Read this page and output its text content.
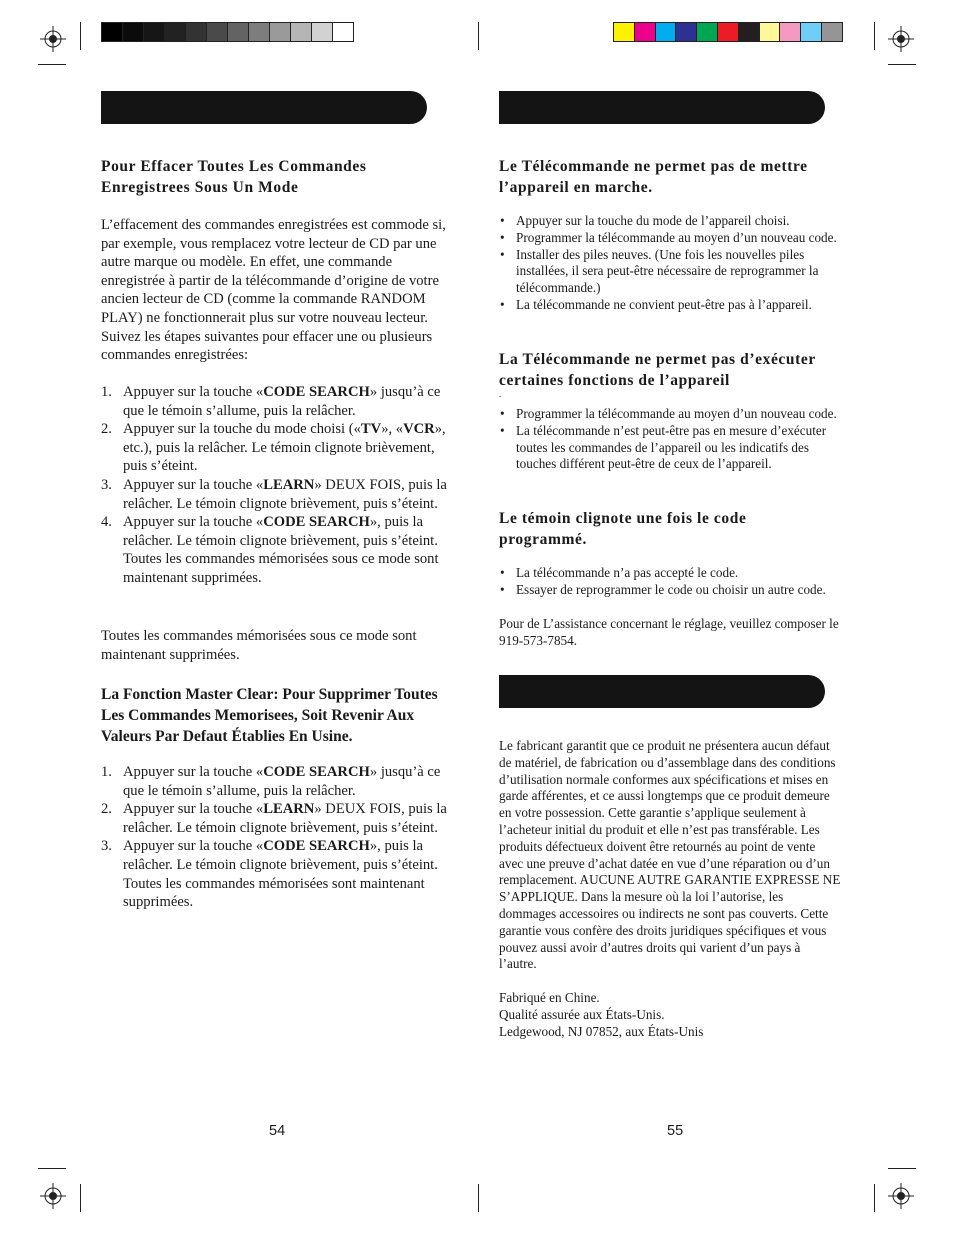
Pour Effacer Toutes Les Commandes Enregistrees Sous Un Mode

L’effacement des commandes enregistrées est commode si, par exemple, vous remplacez votre lecteur de CD par une autre marque ou modèle. En effet, une commande enregistrée à partir de la télécommande d’origine de votre ancien lecteur de CD (comme la commande RANDOM PLAY) ne fonctionnerait plus sur votre nouveau lecteur. Suivez les étapes suivantes pour effacer une ou plusieurs commandes enregistrées:

1. Appuyer sur la touche «CODE SEARCH» jusqu’à ce que le témoin s’allume, puis la relâcher.
2. Appuyer sur la touche du mode choisi («TV», «VCR», etc.), puis la relâcher. Le témoin clignote brièvement, puis s’éteint.
3. Appuyer sur la touche «LEARN» DEUX FOIS, puis la relâcher. Le témoin clignote brièvement, puis s’éteint.
4. Appuyer sur la touche «CODE SEARCH», puis la relâcher. Le témoin clignote brièvement, puis s’éteint. Toutes les commandes mémorisées sous ce mode sont maintenant supprimées.

Toutes les commandes mémorisées sous ce mode sont maintenant supprimées.

La Fonction Master Clear: Pour Supprimer Toutes Les Commandes Memorisees, Soit Revenir Aux Valeurs Par Defaut Établies En Usine.
1. Appuyer sur la touche «CODE SEARCH» jusqu’à ce que le témoin s’allume, puis la relâcher.
2. Appuyer sur la touche «LEARN» DEUX FOIS, puis la relâcher. Le témoin clignote brièvement, puis s’éteint.
3. Appuyer sur la touche «CODE SEARCH», puis la relâcher. Le témoin clignote brièvement, puis s’éteint. Toutes les commandes mémorisées sont maintenant supprimées.
54
Le Télécommande ne permet pas de mettre l’appareil en marche.
• Appuyer sur la touche du mode de l’appareil choisi.
• Programmer la télécommande au moyen d’un nouveau code.
• Installer des piles neuves. (Une fois les nouvelles piles installées, il sera peut-être nécessaire de reprogrammer la télécommande.)
• La télécommande ne convient peut-être pas à l’appareil.
La Télécommande ne permet pas d’exécuter certaines fonctions de l’appareil
.
• Programmer la télécommande au moyen d’un nouveau code.
• La télécommande n’est peut-être pas en mesure d’exécuter toutes les commandes de l’appareil ou les indicatifs des touches différent peut-être de ceux de l’appareil.
Le témoin clignote une fois le code programmé.
• La télécommande n’a pas accepté le code.
• Essayer de reprogrammer le code ou choisir un autre code.

Pour de L’assistance concernant le réglage, veuillez composer le 919-573-7854.

Le fabricant garantit que ce produit ne présentera aucun défaut de matériel, de fabrication ou d’assemblage dans des conditions d’utilisation normale conformes aux spécifications et mises en garde afférentes, et ce aussi longtemps que ce produit demeure en votre possession. Cette garantie s’applique seulement à l’acheteur initial du produit et elle n’est pas transférable. Les produits défectueux doivent être retournés au point de vente avec une preuve d’achat datée en vue d’une réparation ou d’un remplacement. AUCUNE AUTRE GARANTIE EXPRESSE NE S’APPLIQUE. Dans la mesure où la loi l’autorise, les dommages accessoires ou indirects ne sont pas couverts. Cette garantie vous confère des droits juridiques spécifiques et vous pouvez aussi avoir d’autres droits qui varient d’un pays à l’autre.

Fabriqué en Chine.
Qualité assurée aux États-Unis.
Ledgewood, NJ 07852, aux États-Unis
55
